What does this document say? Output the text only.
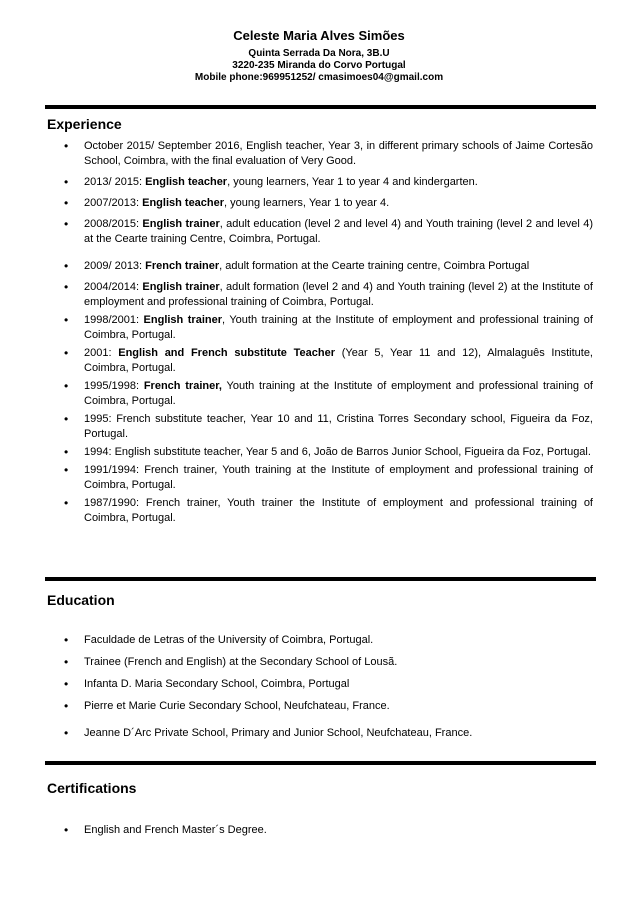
Celeste Maria Alves Simões
Quinta Serrada Da Nora, 3B.U
3220-235 Miranda do Corvo Portugal
Mobile phone:969951252/ cmasimoes04@gmail.com
Experience
• October 2015/ September 2016, English teacher, Year 3, in different primary schools of Jaime Cortesão School, Coimbra, with the final evaluation of Very Good.
• 2013/ 2015: English teacher, young learners, Year 1 to year 4 and kindergarten.
• 2007/2013: English teacher, young learners, Year 1 to year 4.
• 2008/2015: English trainer, adult education (level 2 and level 4) and Youth training (level 2 and level 4) at the Cearte training Centre, Coimbra, Portugal.
• 2009/ 2013: French trainer, adult formation at the Cearte training centre, Coimbra Portugal
• 2004/2014: English trainer, adult formation (level 2 and 4) and Youth training (level 2) at the Institute of employment and professional training of Coimbra, Portugal.
• 1998/2001: English trainer, Youth training at the Institute of employment and professional training of Coimbra, Portugal.
• 2001: English and French substitute Teacher (Year 5, Year 11 and 12), Almalaguês Institute, Coimbra, Portugal.
• 1995/1998: French trainer, Youth training at the Institute of employment and professional training of Coimbra, Portugal.
• 1995: French substitute teacher, Year 10 and 11, Cristina Torres Secondary school, Figueira da Foz, Portugal.
• 1994: English substitute teacher, Year 5 and 6, João de Barros Junior School, Figueira da Foz, Portugal.
• 1991/1994: French trainer, Youth training at the Institute of employment and professional training of Coimbra, Portugal.
• 1987/1990: French trainer, Youth trainer the Institute of employment and professional training of Coimbra, Portugal.
Education
• Faculdade de Letras of the University of Coimbra, Portugal.
• Trainee (French and English) at the Secondary School of Lousã.
• Infanta D. Maria Secondary School, Coimbra, Portugal
• Pierre et Marie Curie Secondary School, Neufchateau, France.
• Jeanne D´Arc Private School, Primary and Junior School, Neufchateau, France.
Certifications
• English and French Master´s Degree.
